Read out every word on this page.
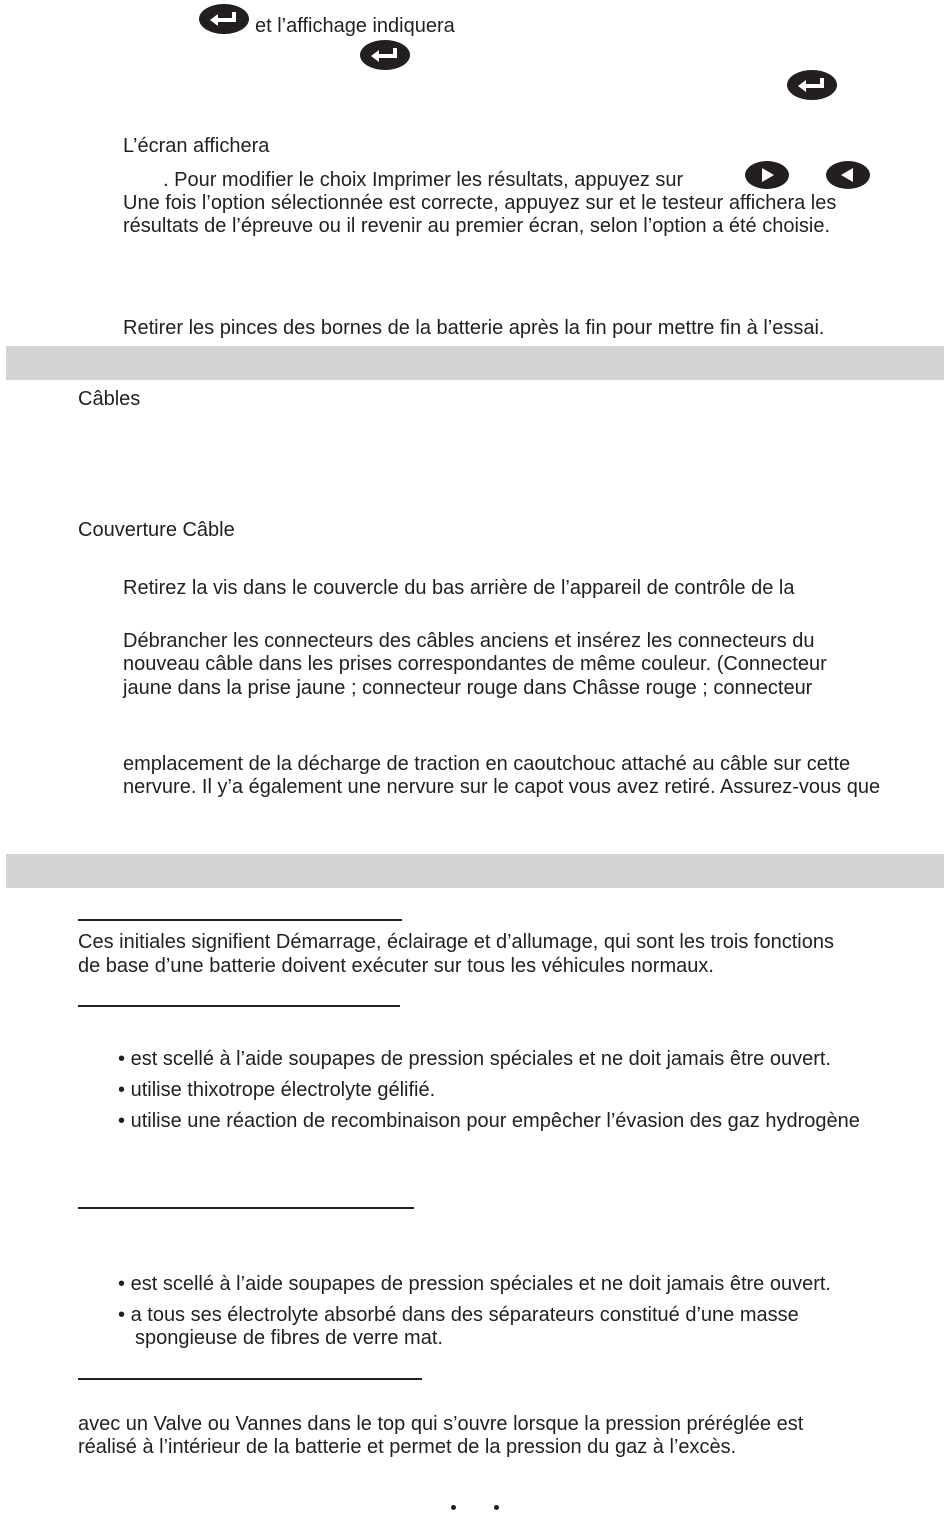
et l’affichage indiquera
L’écran affichera
. Pour modifier le choix Imprimer les résultats, appuyez sur
Une fois l’option sélectionnée est correcte, appuyez sur et le testeur affichera les
résultats de l’épreuve ou il revenir au premier écran, selon l’option a été choisie.
Retirer les pinces des bornes de la batterie après la fin pour mettre fin à l’essai.
Câbles
Couverture Câble
Retirez la vis dans le couvercle du bas arrière de l’appareil de contrôle de la
Débrancher les connecteurs des câbles anciens et insérez les connecteurs du
nouveau câble dans les prises correspondantes de même couleur. (Connecteur
jaune dans la prise jaune ; connecteur rouge dans Châsse rouge ; connecteur
emplacement de la décharge de traction en caoutchouc attaché au câble sur cette
nervure. Il y’a également une nervure sur le capot vous avez retiré. Assurez-vous que
Ces initiales signifient Démarrage, éclairage et d’allumage, qui sont les trois fonctions
de base d’une batterie doivent exécuter sur tous les véhicules normaux.
• est scellé à l’aide soupapes de pression spéciales et ne doit jamais être ouvert.
• utilise thixotrope électrolyte gélifié.
• utilise une réaction de recombinaison pour empêcher l’évasion des gaz hydrogène
• est scellé à l’aide soupapes de pression spéciales et ne doit jamais être ouvert.
• a tous ses électrolyte absorbé dans des séparateurs constitué d’une masse
spongieuse de fibres de verre mat.
avec un Valve ou Vannes dans le top qui s’ouvre lorsque la pression préréglée est
réalisé à l’intérieur de la batterie et permet de la pression du gaz à l’excès.
